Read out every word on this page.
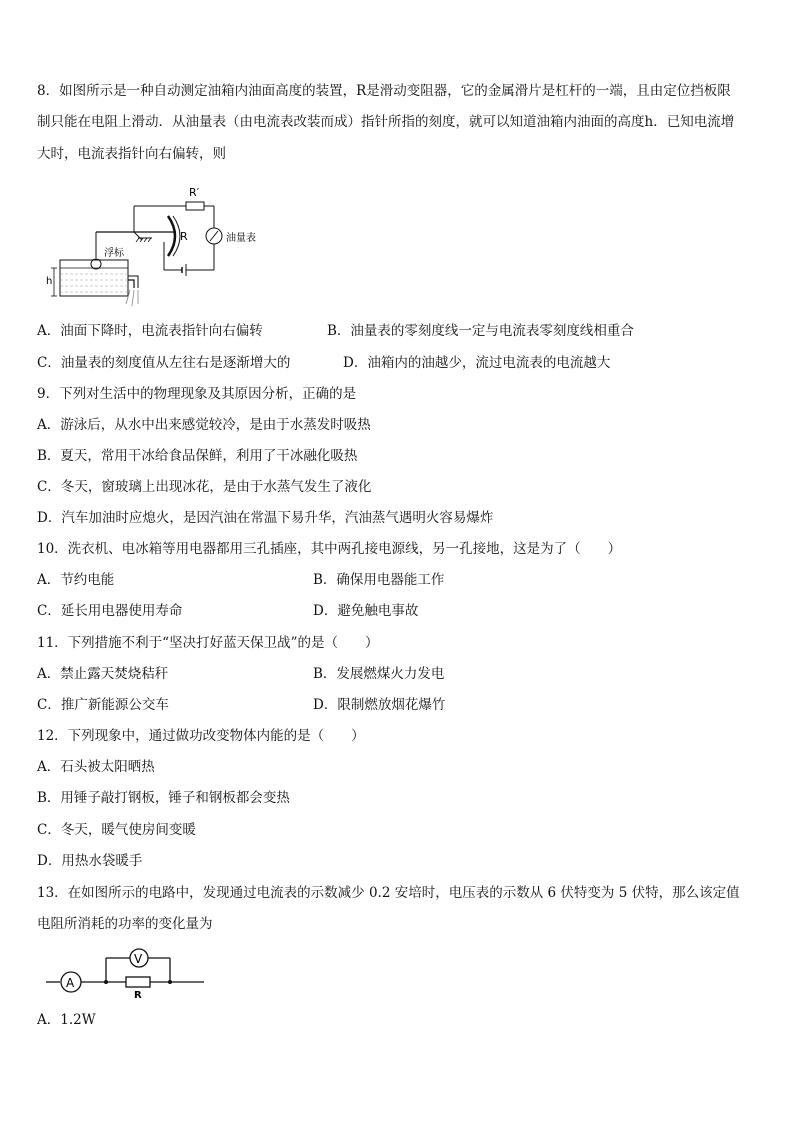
8．如图所示是一种自动测定油箱内油面高度的装置，R是滑动变阻器，它的金属滑片是杠杆的一端，且由定位挡板限
制只能在电阻上滑动．从油量表（由电流表改装而成）指针所指的刻度，就可以知道油箱内油面的高度h．已知电流增
大时，电流表指针向右偏转，则
R′
油量表
R
浮标
h
A．油面下降时，电流表指针向右偏转	B．油量表的零刻度线一定与电流表零刻度线相重合
C．油量表的刻度值从左往右是逐渐增大的	D．油箱内的油越少，流过电流表的电流越大
9．下列对生活中的物理现象及其原因分析，正确的是
A．游泳后，从水中出来感觉较冷，是由于水蒸发时吸热
B．夏天，常用干冰给食品保鲜，利用了干冰融化吸热
C．冬天，窗玻璃上出现冰花，是由于水蒸气发生了液化
D．汽车加油时应熄火，是因汽油在常温下易升华，汽油蒸气遇明火容易爆炸
10．洗衣机、电冰箱等用电器都用三孔插座，其中两孔接电源线，另一孔接地，这是为了（　　）
A．节约电能	B．确保用电器能工作
C．延长用电器使用寿命	D．避免触电事故
11．下列措施不利于“坚决打好蓝天保卫战”的是（　　）
A．禁止露天焚烧秸秆	B．发展燃煤火力发电
C．推广新能源公交车	D．限制燃放烟花爆竹
12．下列现象中，通过做功改变物体内能的是（　　）
A．石头被太阳晒热
B．用锤子敲打钢板，锤子和钢板都会变热
C．冬天，暖气使房间变暖
D．用热水袋暖手
13．在如图所示的电路中，发现通过电流表的示数减少 0.2 安培时，电压表的示数从 6 伏特变为 5 伏特，那么该定值
电阻所消耗的功率的变化量为
A
V
R
A．1.2W
